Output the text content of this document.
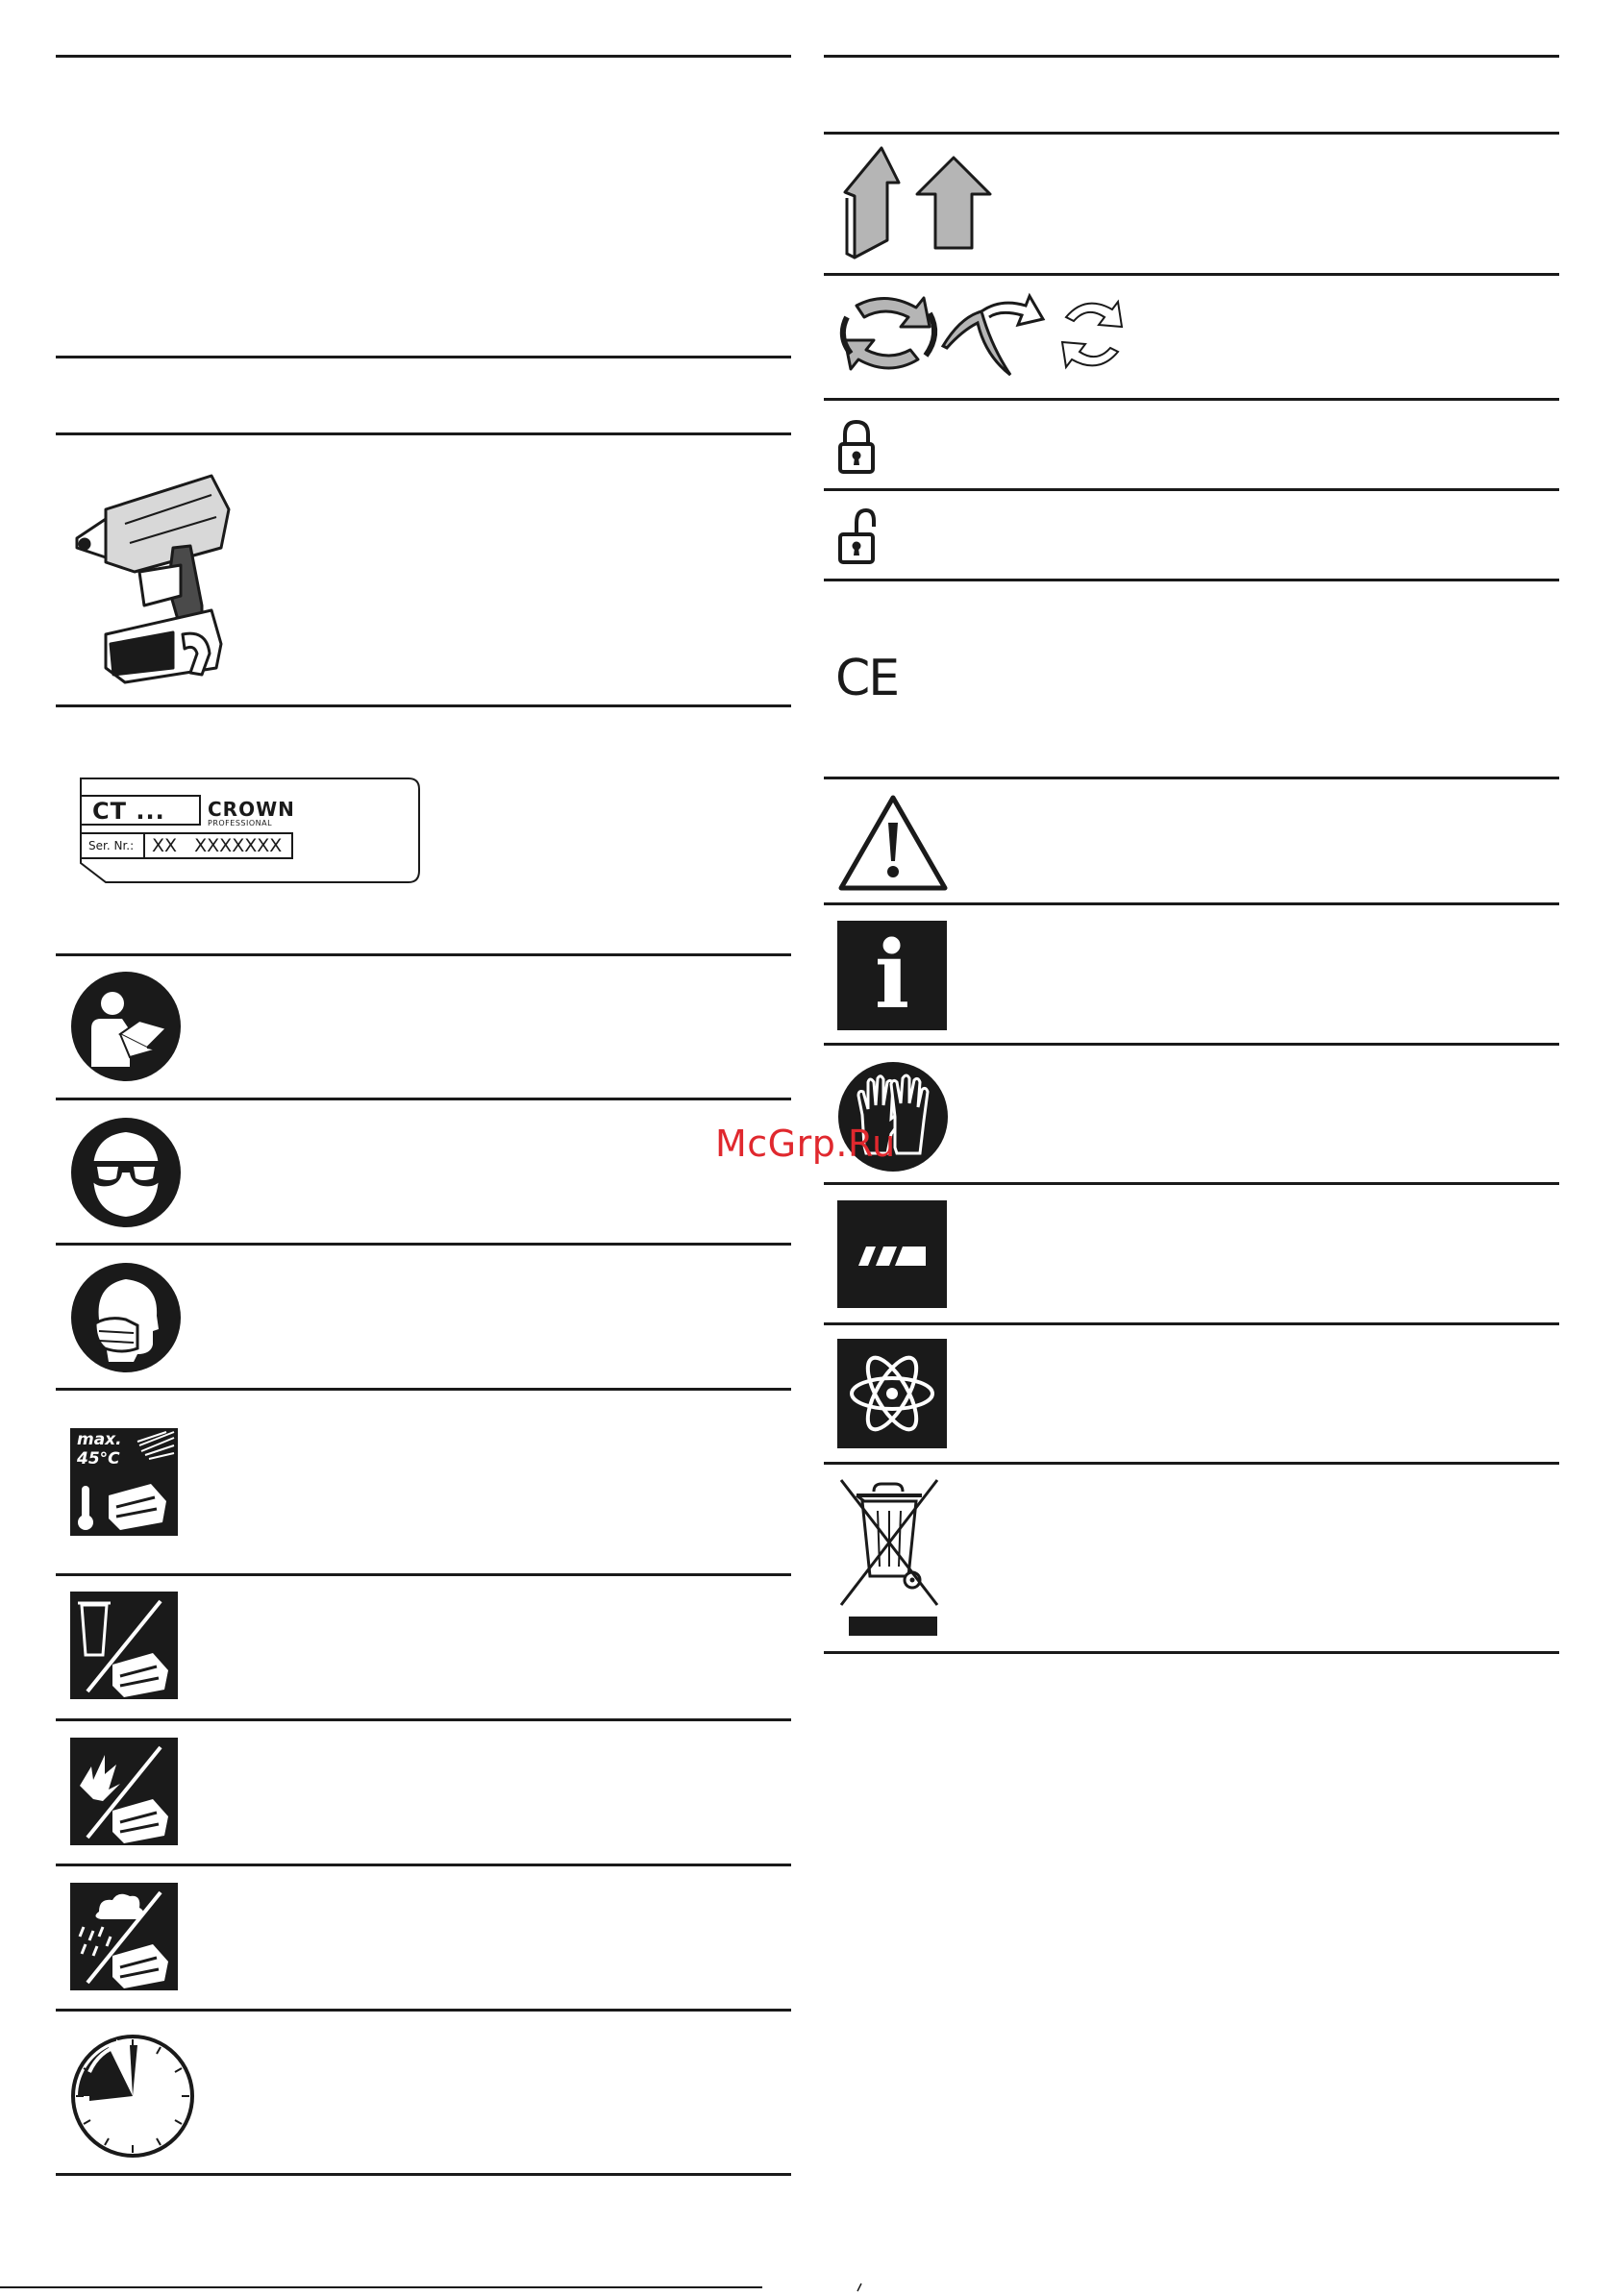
CT ... CROWN
PROFESSIONAL
Ser. Nr.: XX   XXXXXXX
max.
45°C
CE
i
McGrp.Ru
